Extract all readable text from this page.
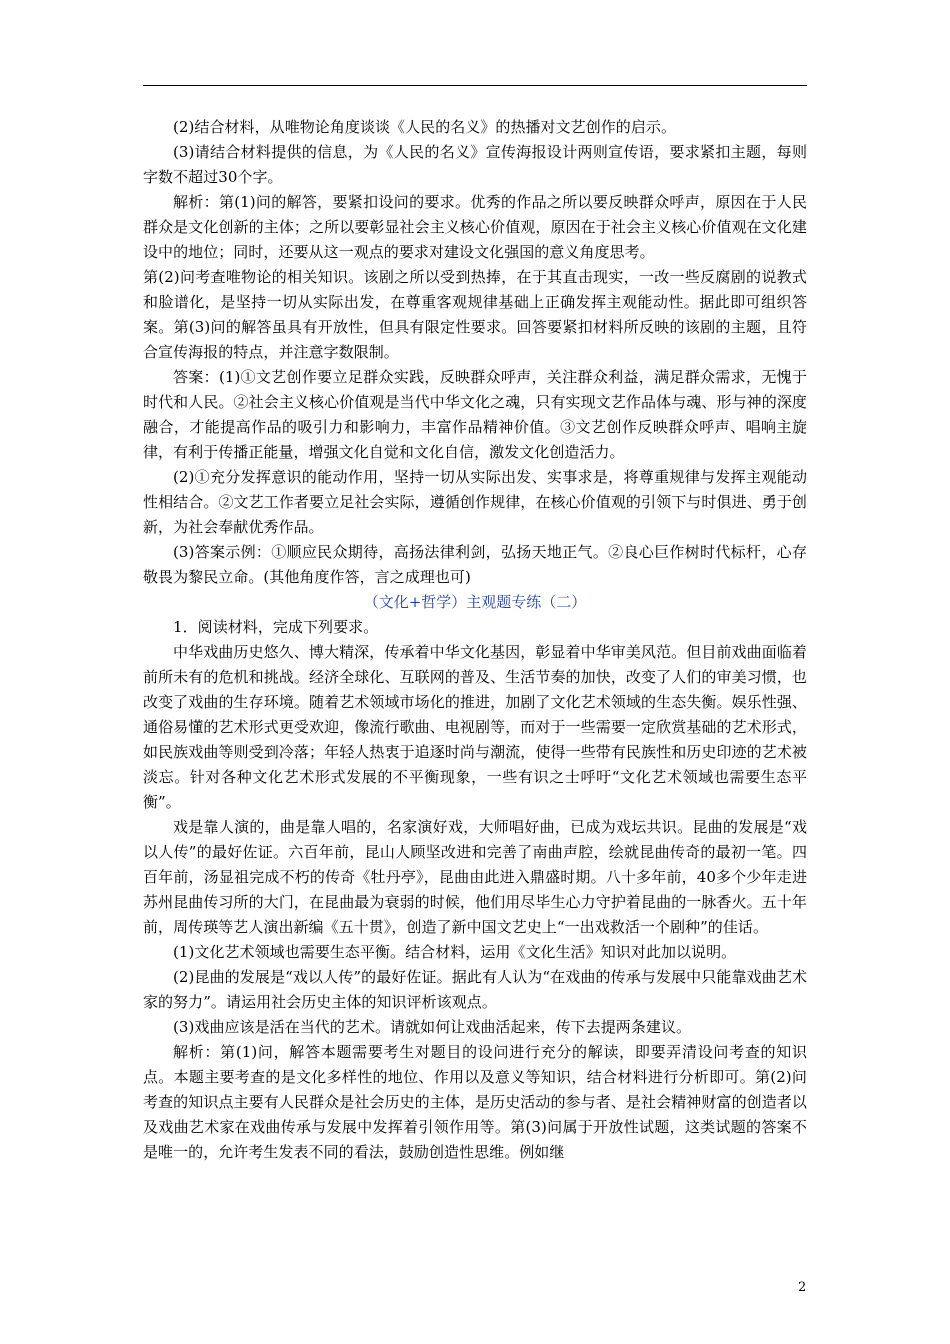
(2)结合材料，从唯物论角度谈谈《人民的名义》的热播对文艺创作的启示。

(3)请结合材料提供的信息，为《人民的名义》宣传海报设计两则宣传语，要求紧扣主题，每则字数不超过30个字。

解析：第(1)问的解答，要紧扣设问的要求。优秀的作品之所以要反映群众呼声，原因在于人民群众是文化创新的主体；之所以要彰显社会主义核心价值观，原因在于社会主义核心价值观在文化建设中的地位；同时，还要从这一观点的要求对建设文化强国的意义角度思考。

第(2)问考查唯物论的相关知识。该剧之所以受到热捧，在于其直击现实，一改一些反腐剧的说教式和脸谱化，是坚持一切从实际出发，在尊重客观规律基础上正确发挥主观能动性。据此即可组织答案。第(3)问的解答虽具有开放性，但具有限定性要求。回答要紧扣材料所反映的该剧的主题，且符合宣传海报的特点，并注意字数限制。

答案：(1)①文艺创作要立足群众实践，反映群众呼声，关注群众利益，满足群众需求，无愧于时代和人民。②社会主义核心价值观是当代中华文化之魂，只有实现文艺作品体与魂、形与神的深度融合，才能提高作品的吸引力和影响力，丰富作品精神价值。③文艺创作反映群众呼声、唱响主旋律，有利于传播正能量，增强文化自觉和文化自信，激发文化创造活力。

(2)①充分发挥意识的能动作用，坚持一切从实际出发、实事求是，将尊重规律与发挥主观能动性相结合。②文艺工作者要立足社会实际，遵循创作规律，在核心价值观的引领下与时俱进、勇于创新，为社会奉献优秀作品。

(3)答案示例：①顺应民众期待，高扬法律利剑，弘扬天地正气。②良心巨作树时代标杆，心存敬畏为黎民立命。(其他角度作答，言之成理也可)

（文化+哲学）主观题专练（二）

1．阅读材料，完成下列要求。

中华戏曲历史悠久、博大精深，传承着中华文化基因，彰显着中华审美风范。但目前戏曲面临着前所未有的危机和挑战。经济全球化、互联网的普及、生活节奏的加快，改变了人们的审美习惯，也改变了戏曲的生存环境。随着艺术领域市场化的推进，加剧了文化艺术领域的生态失衡。娱乐性强、通俗易懂的艺术形式更受欢迎，像流行歌曲、电视剧等，而对于一些需要一定欣赏基础的艺术形式，如民族戏曲等则受到冷落；年轻人热衷于追逐时尚与潮流，使得一些带有民族性和历史印迹的艺术被淡忘。针对各种文化艺术形式发展的不平衡现象，一些有识之士呼吁“文化艺术领域也需要生态平衡”。

戏是靠人演的，曲是靠人唱的，名家演好戏，大师唱好曲，已成为戏坛共识。昆曲的发展是“戏以人传”的最好佐证。六百年前，昆山人顾坚改进和完善了南曲声腔，绘就昆曲传奇的最初一笔。四百年前，汤显祖完成不朽的传奇《牡丹亭》，昆曲由此进入鼎盛时期。八十多年前，40多个少年走进苏州昆曲传习所的大门，在昆曲最为衰弱的时候，他们用尽毕生心力守护着昆曲的一脉香火。五十年前，周传瑛等艺人演出新编《五十贯》，创造了新中国文艺史上“一出戏救活一个剧种”的佳话。

(1)文化艺术领域也需要生态平衡。结合材料，运用《文化生活》知识对此加以说明。

(2)昆曲的发展是“戏以人传”的最好佐证。据此有人认为“在戏曲的传承与发展中只能靠戏曲艺术家的努力”。请运用社会历史主体的知识评析该观点。

(3)戏曲应该是活在当代的艺术。请就如何让戏曲活起来，传下去提两条建议。

解析：第(1)问，解答本题需要考生对题目的设问进行充分的解读，即要弄清设问考查的知识点。本题主要考查的是文化多样性的地位、作用以及意义等知识，结合材料进行分析即可。第(2)问考查的知识点主要有人民群众是社会历史的主体，是历史活动的参与者、是社会精神财富的创造者以及戏曲艺术家在戏曲传承与发展中发挥着引领作用等。第(3)问属于开放性试题，这类试题的答案不是唯一的，允许考生发表不同的看法，鼓励创造性思维。例如继

2
